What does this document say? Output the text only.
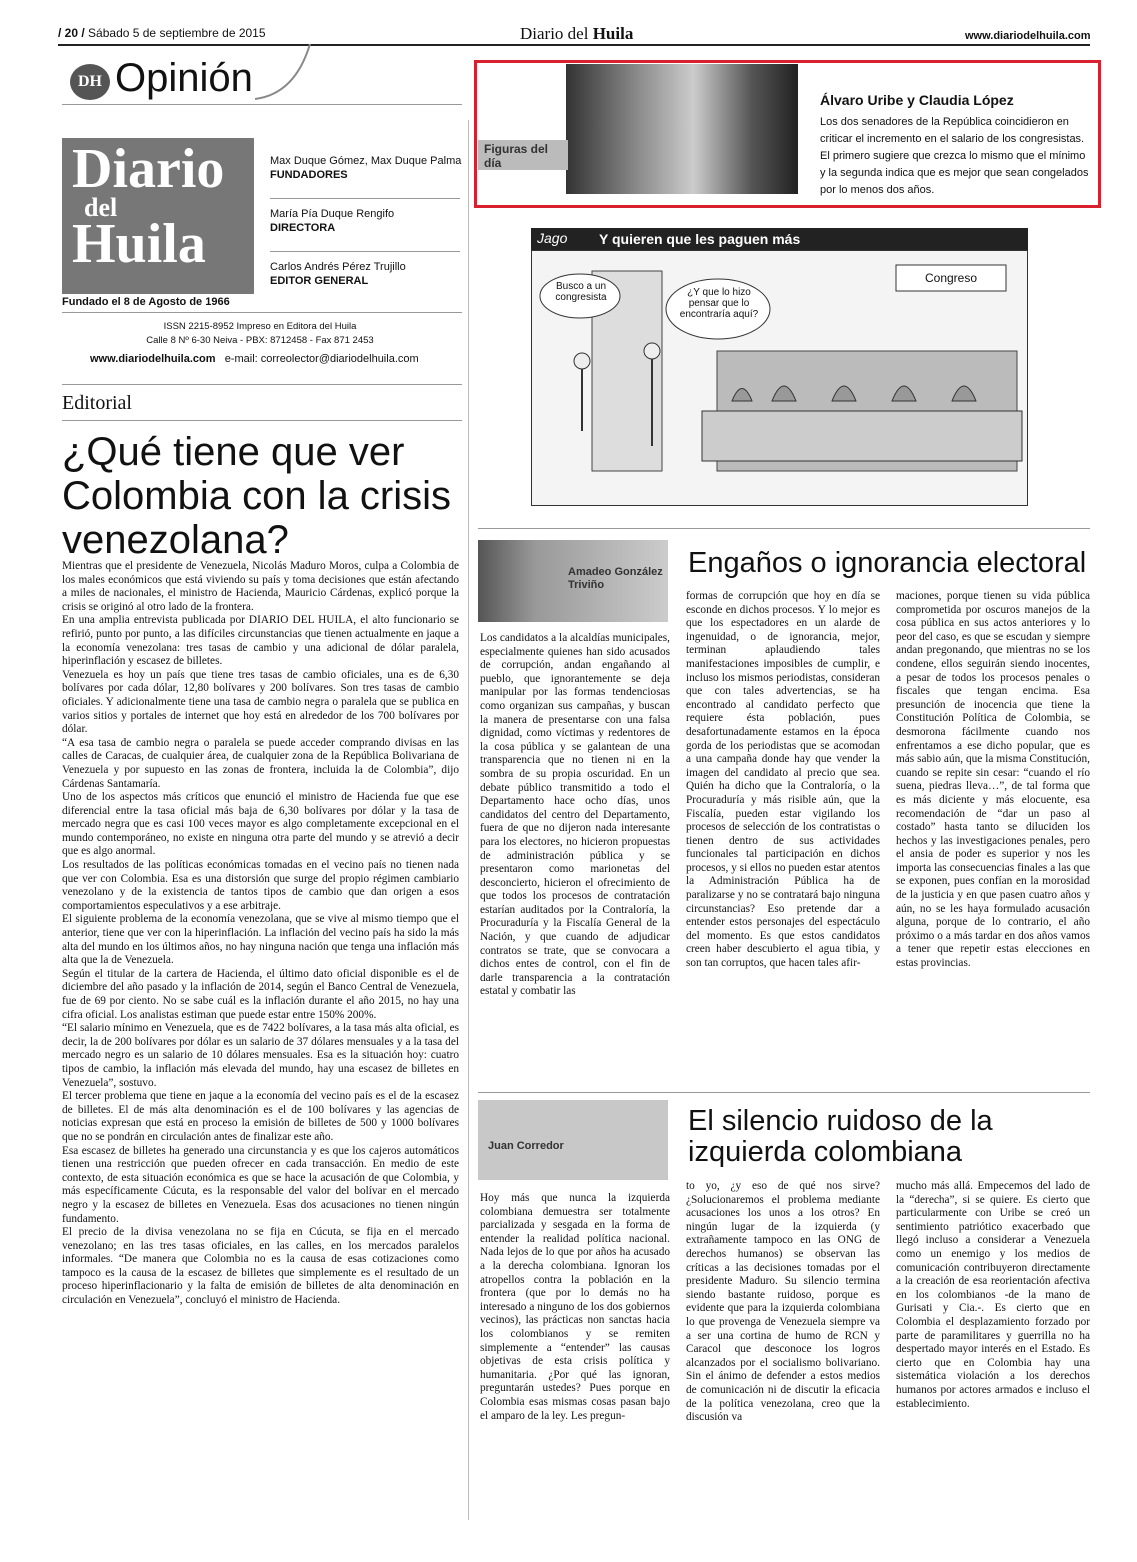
/ 20 / Sábado 5 de septiembre de 2015	Diario del Huila	www.diariodelhuila.com
DH Opinión
Diario
del
Huila
Max Duque Gómez, Max Duque Palma
FUNDADORES
María Pía Duque Rengifo
DIRECTORA
Carlos Andrés Pérez Trujillo
EDITOR GENERAL
Fundado el 8 de Agosto de 1966
ISSN 2215-8952 Impreso en Editora del Huila
Calle 8 Nº 6-30 Neiva - PBX: 8712458 - Fax 871 2453
www.diariodelhuila.com e-mail: correolector@diariodelhuila.com
Editorial
¿Qué tiene que ver Colombia con la crisis venezolana?

Mientras que el presidente de Venezuela, Nicolás Maduro Moros, culpa a Colombia de los males económicos que está viviendo su país y toma decisiones que están afectando a miles de nacionales, el ministro de Hacienda, Mauricio Cárdenas, explicó porque la crisis se originó al otro lado de la frontera.

En una amplia entrevista publicada por DIARIO DEL HUILA, el alto funcionario se refirió, punto por punto, a las difíciles circunstancias que tienen actualmente en jaque a la economía venezolana: tres tasas de cambio y una adicional de dólar paralela, hiperinflación y escasez de billetes.

Venezuela es hoy un país que tiene tres tasas de cambio oficiales, una es de 6,30 bolívares por cada dólar, 12,80 bolívares y 200 bolívares. Son tres tasas de cambio oficiales. Y adicionalmente tiene una tasa de cambio negra o paralela que se publica en varios sitios y portales de internet que hoy está en alrededor de los 700 bolívares por dólar.

“A esa tasa de cambio negra o paralela se puede acceder comprando divisas en las calles de Caracas, de cualquier área, de cualquier zona de la República Bolivariana de Venezuela y por supuesto en las zonas de frontera, incluida la de Colombia”, dijo Cárdenas Santamaría.

Uno de los aspectos más críticos que enunció el ministro de Hacienda fue que ese diferencial entre la tasa oficial más baja de 6,30 bolívares por dólar y la tasa de mercado negra que es casi 100 veces mayor es algo completamente excepcional en el mundo contemporáneo, no existe en ninguna otra parte del mundo y se atrevió a decir que es algo anormal.

Los resultados de las políticas económicas tomadas en el vecino país no tienen nada que ver con Colombia. Esa es una distorsión que surge del propio régimen cambiario venezolano y de la existencia de tantos tipos de cambio que dan origen a esos comportamientos especulativos y a ese arbitraje.

El siguiente problema de la economía venezolana, que se vive al mismo tiempo que el anterior, tiene que ver con la hiperinflación. La inflación del vecino país ha sido la más alta del mundo en los últimos años, no hay ninguna nación que tenga una inflación más alta que la de Venezuela.

Según el titular de la cartera de Hacienda, el último dato oficial disponible es el de diciembre del año pasado y la inflación de 2014, según el Banco Central de Venezuela, fue de 69 por ciento. No se sabe cuál es la inflación durante el año 2015, no hay una cifra oficial. Los analistas estiman que puede estar entre 150% 200%.

“El salario mínimo en Venezuela, que es de 7422 bolívares, a la tasa más alta oficial, es decir, la de 200 bolívares por dólar es un salario de 37 dólares mensuales y a la tasa del mercado negro es un salario de 10 dólares mensuales. Esa es la situación hoy: cuatro tipos de cambio, la inflación más elevada del mundo, hay una escasez de billetes en Venezuela”, sostuvo.

El tercer problema que tiene en jaque a la economía del vecino país es el de la escasez de billetes. El de más alta denominación es el de 100 bolívares y las agencias de noticias expresan que está en proceso la emisión de billetes de 500 y 1000 bolívares que no se pondrán en circulación antes de finalizar este año.

Esa escasez de billetes ha generado una circunstancia y es que los cajeros automáticos tienen una restricción que pueden ofrecer en cada transacción. En medio de este contexto, de esta situación económica es que se hace la acusación de que Colombia, y más específicamente Cúcuta, es la responsable del valor del bolívar en el mercado negro y la escasez de billetes en Venezuela. Esas dos acusaciones no tienen ningún fundamento.

El precio de la divisa venezolana no se fija en Cúcuta, se fija en el mercado venezolano; en las tres tasas oficiales, en las calles, en los mercados paralelos informales. “De manera que Colombia no es la causa de esas cotizaciones como tampoco es la causa de la escasez de billetes que simplemente es el resultado de un proceso hiperinflacionario y la falta de emisión de billetes de alta denominación en circulación en Venezuela”, concluyó el ministro de Hacienda.

Figuras del día
Álvaro Uribe y Claudia López
Los dos senadores de la República coincidieron en criticar el incremento en el salario de los congresistas. El primero sugiere que crezca lo mismo que el mínimo y la segunda indica que es mejor que sean congelados por lo menos dos años.
Jago Y quieren que les paguen más
Busco a un congresista	¿Y que lo hizo pensar que lo encontraría aquí?
Congreso
Amadeo González Triviño
Engaños o ignorancia electoral
Los candidatos a la alcaldías municipales, especialmente quienes han sido acusados de corrupción, andan engañando al pueblo, que ignorantemente se deja manipular por las formas tendenciosas como organizan sus campañas, y buscan la manera de presentarse con una falsa dignidad, como víctimas y redentores de la cosa pública y se galantean de una transparencia que no tienen ni en la sombra de su propia oscuridad. En un debate público transmitido a todo el Departamento hace ocho días, unos candidatos del centro del Departamento, fuera de que no dijeron nada interesante para los electores, no hicieron propuestas de administración pública y se presentaron como marionetas del desconcierto, hicieron el ofrecimiento de que todos los procesos de contratación estarían auditados por la Contraloría, la Procuraduría y la Fiscalía General de la Nación, y que cuando de adjudicar contratos se trate, que se convocara a dichos entes de control, con el fin de darle transparencia a la contratación estatal y combatir las
formas de corrupción que hoy en día se esconde en dichos procesos. Y lo mejor es que los espectadores en un alarde de ingenuidad, o de ignorancia, mejor, terminan aplaudiendo tales manifestaciones imposibles de cumplir, e incluso los mismos periodistas, consideran que con tales advertencias, se ha encontrado al candidato perfecto que requiere ésta población, pues desafortunadamente estamos en la época gorda de los periodistas que se acomodan a una campaña donde hay que vender la imagen del candidato al precio que sea. Quién ha dicho que la Contraloría, o la Procuraduría y más risible aún, que la Fiscalía, pueden estar vigilando los procesos de selección de los contratistas o tienen dentro de sus actividades funcionales tal participación en dichos procesos, y si ellos no pueden estar atentos la Administración Pública ha de paralizarse y no se contratará bajo ninguna circunstancias? Eso pretende dar a entender estos personajes del espectáculo del momento. Es que estos candidatos creen haber descubierto el agua tibia, y son tan corruptos, que hacen tales afir-
maciones, porque tienen su vida pública comprometida por oscuros manejos de la cosa pública en sus actos anteriores y lo peor del caso, es que se escudan y siempre andan pregonando, que mientras no se los condene, ellos seguirán siendo inocentes, a pesar de todos los procesos penales o fiscales que tengan encima. Esa presunción de inocencia que tiene la Constitución Política de Colombia, se desmorona fácilmente cuando nos enfrentamos a ese dicho popular, que es más sabio aún, que la misma Constitución, cuando se repite sin cesar: “cuando el río suena, piedras lleva…”, de tal forma que es más diciente y más elocuente, esa recomendación de “dar un paso al costado” hasta tanto se diluciden los hechos y las investigaciones penales, pero el ansia de poder es superior y nos les importa las consecuencias finales a las que se exponen, pues confían en la morosidad de la justicia y en que pasen cuatro años y aún, no se les haya formulado acusación alguna, porque de lo contrario, el año próximo o a más tardar en dos años vamos a tener que repetir estas elecciones en estas provincias.
Juan Corredor
El silencio ruidoso de la izquierda colombiana
Hoy más que nunca la izquierda colombiana demuestra ser totalmente parcializada y sesgada en la forma de entender la realidad política nacional. Nada lejos de lo que por años ha acusado a la derecha colombiana. Ignoran los atropellos contra la población en la frontera (que por lo demás no ha interesado a ninguno de los dos gobiernos vecinos), las prácticas non sanctas hacia los colombianos y se remiten simplemente a “entender” las causas objetivas de esta crisis política y humanitaria. ¿Por qué las ignoran, preguntarán ustedes? Pues porque en Colombia esas mismas cosas pasan bajo el amparo de la ley. Les pregun-
to yo, ¿y eso de qué nos sirve? ¿Solucionaremos el problema mediante acusaciones los unos a los otros? En ningún lugar de la izquierda (y extrañamente tampoco en las ONG de derechos humanos) se observan las críticas a las decisiones tomadas por el presidente Maduro. Su silencio termina siendo bastante ruidoso, porque es evidente que para la izquierda colombiana lo que provenga de Venezuela siempre va a ser una cortina de humo de RCN y Caracol que desconoce los logros alcanzados por el socialismo bolivariano. Sin el ánimo de defender a estos medios de comunicación ni de discutir la eficacia de la política venezolana, creo que la discusión va
mucho más allá. Empecemos del lado de la “derecha”, si se quiere. Es cierto que particularmente con Uribe se creó un sentimiento patriótico exacerbado que llegó incluso a considerar a Venezuela como un enemigo y los medios de comunicación contribuyeron directamente a la creación de esa reorientación afectiva en los colombianos -de la mano de Gurisati y Cia.-. Es cierto que en Colombia el desplazamiento forzado por parte de paramilitares y guerrilla no ha despertado mayor interés en el Estado. Es cierto que en Colombia hay una sistemática violación a los derechos humanos por actores armados e incluso el establecimiento.
